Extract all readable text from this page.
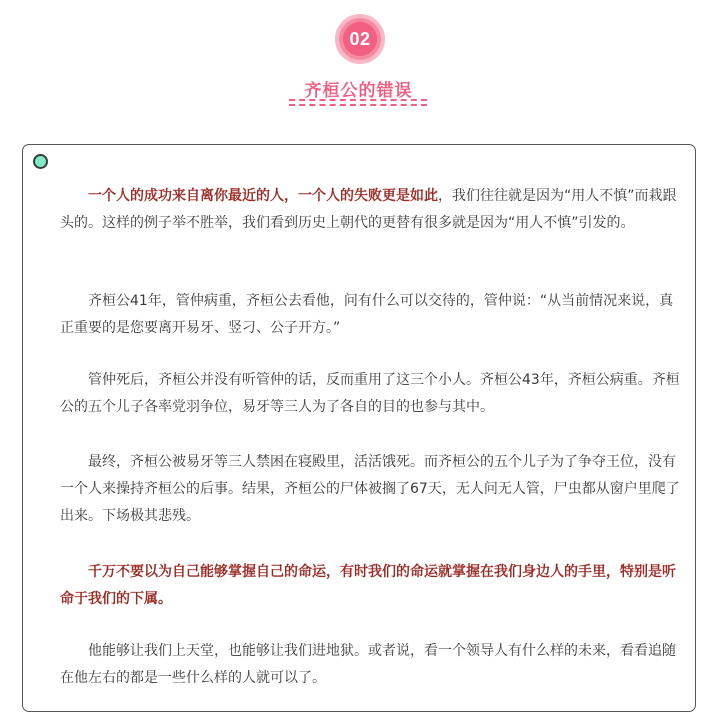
02
齐桓公的错误

一个人的成功来自离你最近的人，一个人的失败更是如此，我们往往就是因为“用人不慎”而栽跟头的。这样的例子举不胜举，我们看到历史上朝代的更替有很多就是因为“用人不慎”引发的。

齐桓公41年，管仲病重，齐桓公去看他，问有什么可以交待的，管仲说：“从当前情况来说，真正重要的是您要离开易牙、竖刁、公子开方。”

管仲死后，齐桓公并没有听管仲的话，反而重用了这三个小人。齐桓公43年，齐桓公病重。齐桓公的五个儿子各率党羽争位，易牙等三人为了各自的目的也参与其中。

最终，齐桓公被易牙等三人禁困在寝殿里，活活饿死。而齐桓公的五个儿子为了争夺王位，没有一个人来操持齐桓公的后事。结果，齐桓公的尸体被搁了67天，无人问无人管，尸虫都从窗户里爬了出来。下场极其悲残。

千万不要以为自己能够掌握自己的命运，有时我们的命运就掌握在我们身边人的手里，特别是听命于我们的下属。

他能够让我们上天堂，也能够让我们进地狱。或者说，看一个领导人有什么样的未来，看看追随在他左右的都是一些什么样的人就可以了。
